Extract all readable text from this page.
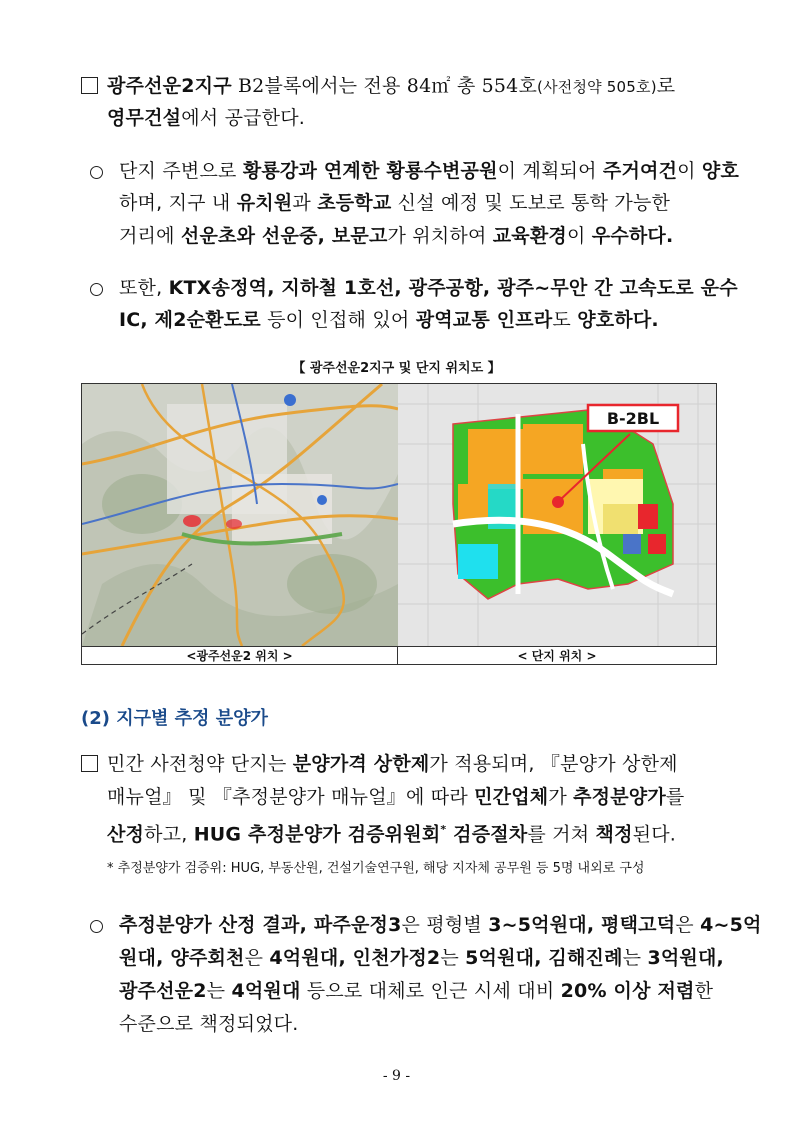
광주선운2지구 B2블록에서는 전용 84㎡ 총 554호(사전청약 505호)로
영무건설에서 공급한다.
단지 주변으로 황룡강과 연계한 황룡수변공원이 계획되어 주거여건이 양호
하며, 지구 내 유치원과 초등학교 신설 예정 및 도보로 통학 가능한
거리에 선운초와 선운중, 보문고가 위치하여 교육환경이 우수하다.
또한, KTX송정역, 지하철 1호선, 광주공항, 광주~무안 간 고속도로 운수
IC, 제2순환도로 등이 인접해 있어 광역교통 인프라도 양호하다.
【 광주선운2지구 및 단지 위치도 】
B-2BL
<광주선운2 위치 >	< 단지 위치 >
(2) 지구별 추정 분양가
민간 사전청약 단지는 분양가격 상한제가 적용되며, 『분양가 상한제
매뉴얼』 및 『추정분양가 매뉴얼』에 따라 민간업체가 추정분양가를
산정하고, HUG 추정분양가 검증위원회* 검증절차를 거쳐 책정된다.
* 추정분양가 검증위: HUG, 부동산원, 건설기술연구원, 해당 지자체 공무원 등 5명 내외로 구성
추정분양가 산정 결과, 파주운정3은 평형별 3~5억원대, 평택고덕은 4~5억
원대, 양주회천은 4억원대, 인천가정2는 5억원대, 김해진례는 3억원대,
광주선운2는 4억원대 등으로 대체로 인근 시세 대비 20% 이상 저렴한
수준으로 책정되었다.
- 9 -
